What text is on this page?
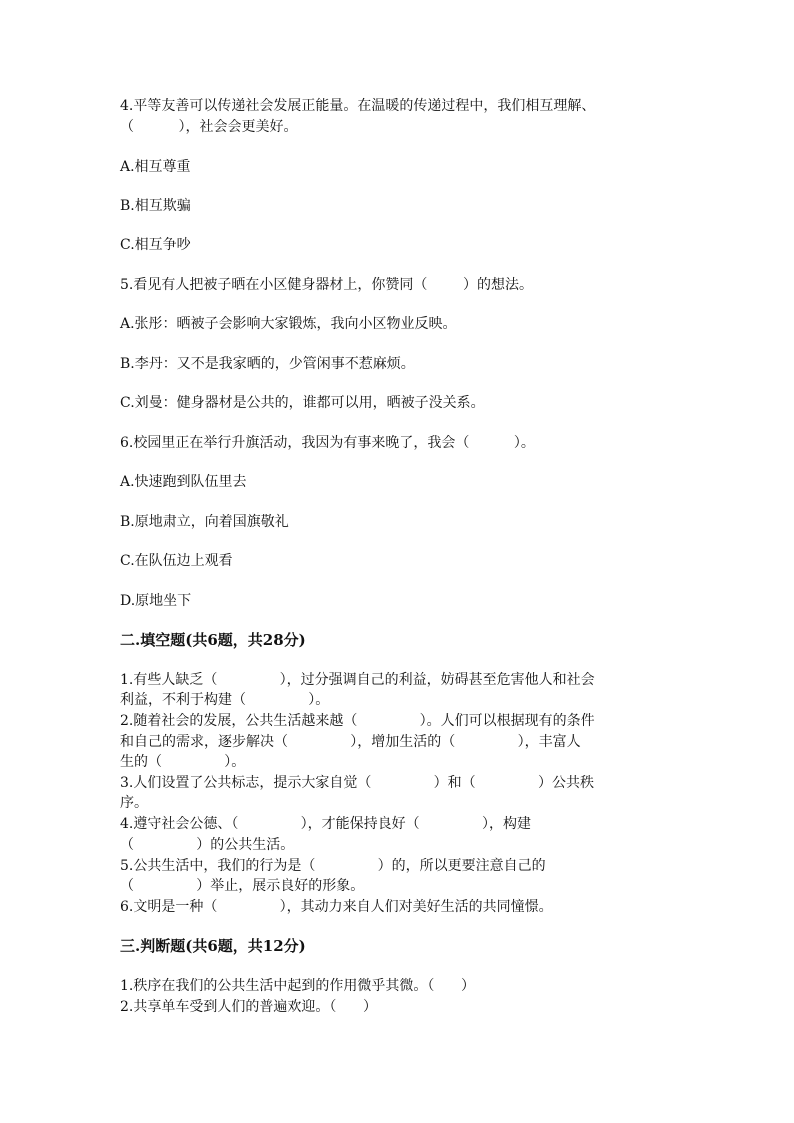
4.平等友善可以传递社会发展正能量。在温暖的传递过程中，我们相互理解、
（          ），社会会更美好。
A.相互尊重
B.相互欺骗
C.相互争吵
5.看见有人把被子晒在小区健身器材上，你赞同（        ）的想法。
A.张彤：晒被子会影响大家锻炼，我向小区物业反映。
B.李丹：又不是我家晒的，少管闲事不惹麻烦。
C.刘曼：健身器材是公共的，谁都可以用，晒被子没关系。
6.校园里正在举行升旗活动，我因为有事来晚了，我会（          ）。
A.快速跑到队伍里去
B.原地肃立，向着国旗敬礼
C.在队伍边上观看
D.原地坐下
二.填空题(共6题，共28分)
1.有些人缺乏（              ），过分强调自己的利益，妨碍甚至危害他人和社会
利益，不利于构建（              ）。
2.随着社会的发展，公共生活越来越（              ）。人们可以根据现有的条件
和自己的需求，逐步解决（              ），增加生活的（              ），丰富人
生的（              ）。
3.人们设置了公共标志，提示大家自觉（              ）和（              ）公共秩
序。
4.遵守社会公德、（              ），才能保持良好（              ），构建
（              ）的公共生活。
5.公共生活中，我们的行为是（              ）的，所以更要注意自己的
（              ）举止，展示良好的形象。
6.文明是一种（              ），其动力来自人们对美好生活的共同憧憬。
三.判断题(共6题，共12分)
1.秩序在我们的公共生活中起到的作用微乎其微。（      ）
2.共享单车受到人们的普遍欢迎。（      ）
